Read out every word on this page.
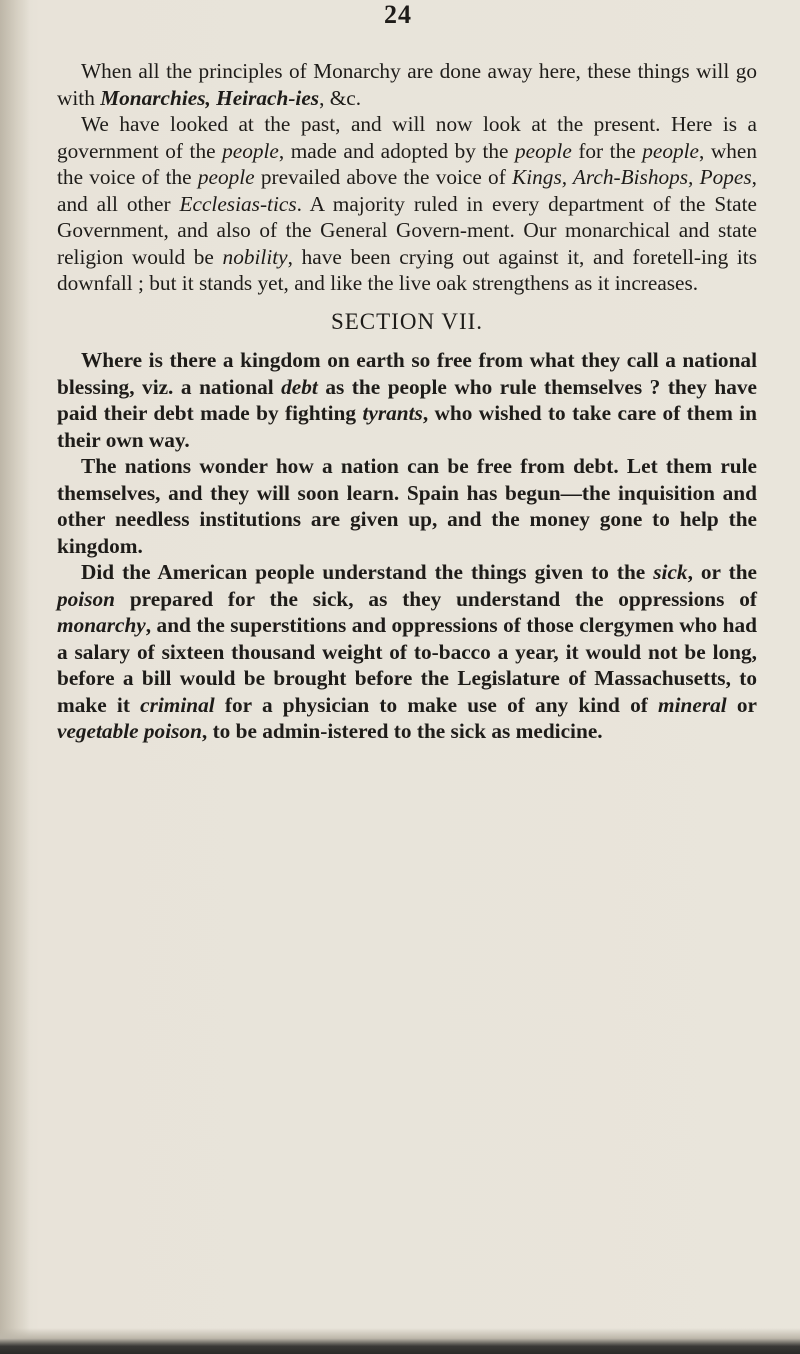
24

When all the principles of Monarchy are done away here, these things will go with Monarchies, Heirach-ies, &c.

We have looked at the past, and will now look at the present. Here is a government of the people, made and adopted by the people for the people, when the voice of the people prevailed above the voice of Kings, Arch-Bishops, Popes, and all other Ecclesias-tics. A majority ruled in every department of the State Government, and also of the General Govern-ment. Our monarchical and state religion would be nobility, have been crying out against it, and foretell-ing its downfall ; but it stands yet, and like the live oak strengthens as it increases.

SECTION VII.

Where is there a kingdom on earth so free from what they call a national blessing, viz. a national debt as the people who rule themselves ? they have paid their debt made by fighting tyrants, who wished to take care of them in their own way.

The nations wonder how a nation can be free from debt. Let them rule themselves, and they will soon learn. Spain has begun—the inquisition and other needless institutions are given up, and the money gone to help the kingdom.

Did the American people understand the things given to the sick, or the poison prepared for the sick, as they understand the oppressions of monarchy, and the superstitions and oppressions of those clergymen who had a salary of sixteen thousand weight of to-bacco a year, it would not be long, before a bill would be brought before the Legislature of Massachusetts, to make it criminal for a physician to make use of any kind of mineral or vegetable poison, to be admin-istered to the sick as medicine.
